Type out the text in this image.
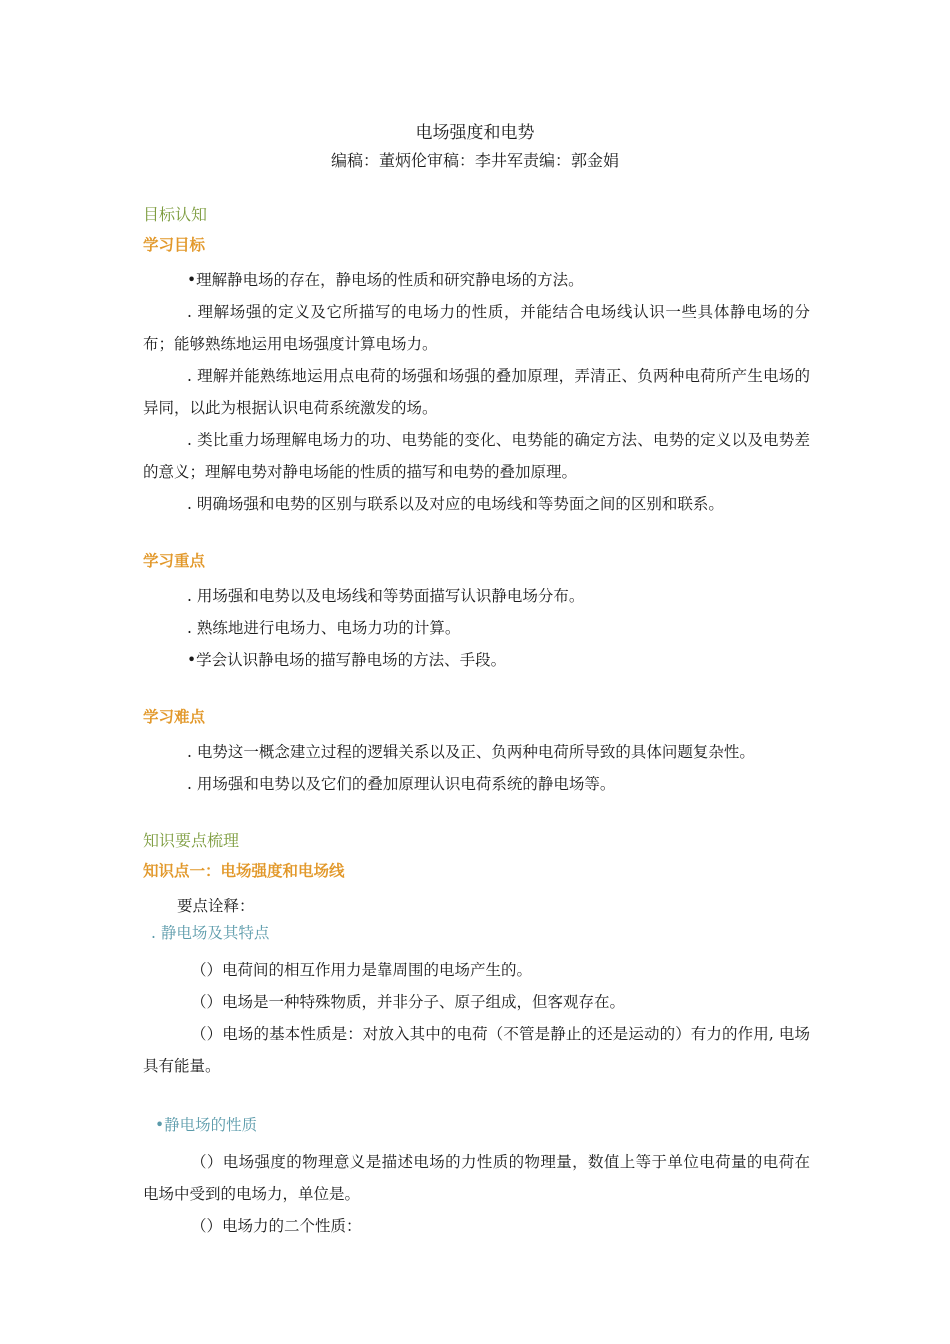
电场强度和电势
编稿：董炳伦审稿：李井军责编：郭金娟
目标认知
学习目标

•理解静电场的存在，静电场的性质和研究静电场的方法。

. 理解场强的定义及它所描写的电场力的性质，并能结合电场线认识一些具体静电场的分布；能够熟练地运用电场强度计算电场力。

. 理解并能熟练地运用点电荷的场强和场强的叠加原理，弄清正、负两种电荷所产生电场的异同，以此为根据认识电荷系统激发的场。

. 类比重力场理解电场力的功、电势能的变化、电势能的确定方法、电势的定义以及电势差的意义；理解电势对静电场能的性质的描写和电势的叠加原理。

. 明确场强和电势的区别与联系以及对应的电场线和等势面之间的区别和联系。

学习重点

. 用场强和电势以及电场线和等势面描写认识静电场分布。

. 熟练地进行电场力、电场力功的计算。

•学会认识静电场的描写静电场的方法、手段。

学习难点

. 电势这一概念建立过程的逻辑关系以及正、负两种电荷所导致的具体问题复杂性。

. 用场强和电势以及它们的叠加原理认识电荷系统的静电场等。

知识要点梳理
知识点一：电场强度和电场线
要点诠释：
. 静电场及其特点

（）电荷间的相互作用力是靠周围的电场产生的。

（）电场是一种特殊物质，并非分子、原子组成，但客观存在。

（）电场的基本性质是：对放入其中的电荷（不管是静止的还是运动的）有力的作用, 电场具有能量。

•静电场的性质

（）电场强度的物理意义是描述电场的力性质的物理量，数值上等于单位电荷量的电荷在电场中受到的电场力，单位是。

（）电场力的二个性质：
